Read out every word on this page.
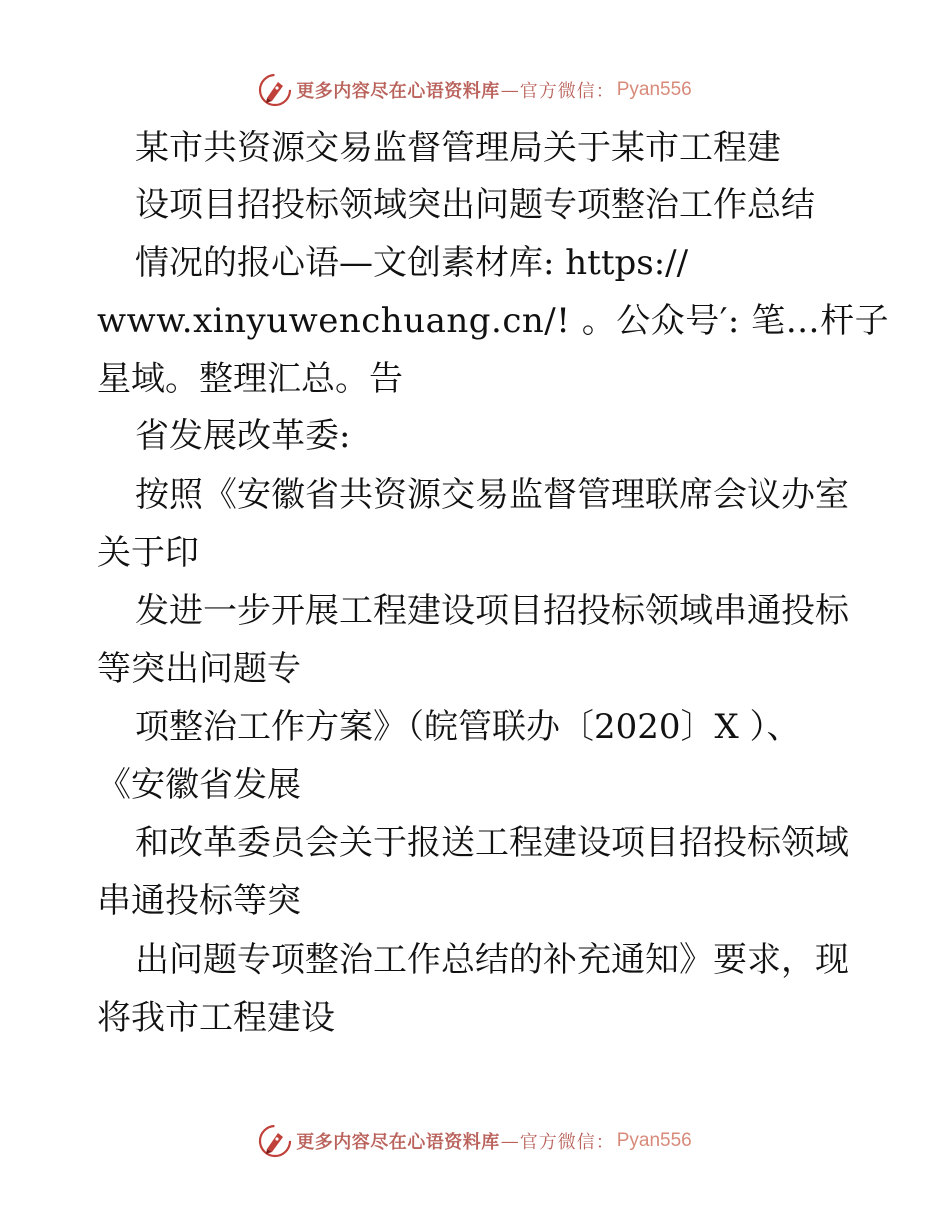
更多内容尽在心语资料库 — 官方微信： Pyan556
某市共资源交易监督管理局关于某市工程建
设项目招投标领域突出问题专项整治工作总结
情况的报心语—文创素材库: https://
www.xinyuwenchuang.cn/! 。公众号′: 笔…杆子
星域。整理汇总。告
省发展改革委:
按照《安徽省共资源交易监督管理联席会议办室
关于印
发进一步开展工程建设项目招投标领域串通投标
等突出问题专
项整治工作方案》（皖管联办〔2020〕X ）、
《安徽省发展
和改革委员会关于报送工程建设项目招投标领域
串通投标等突
出问题专项整治工作总结的补充通知》要求，现
将我市工程建设
更多内容尽在心语资料库 — 官方微信： Pyan556
